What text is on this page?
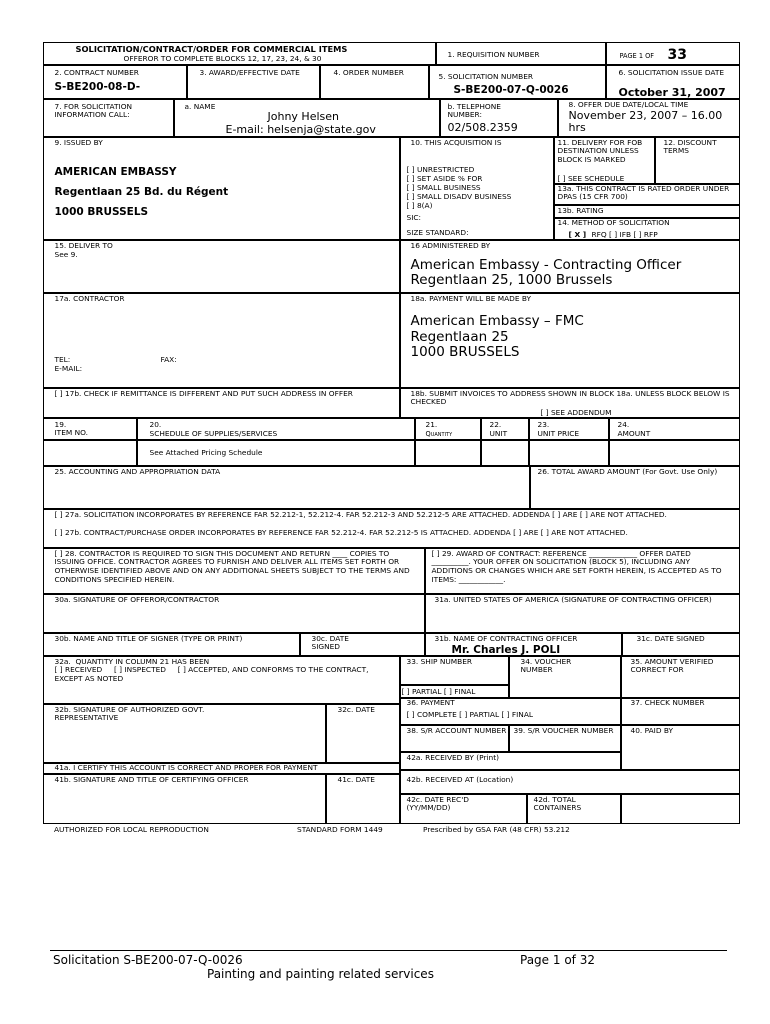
SOLICITATION/CONTRACT/ORDER FOR COMMERCIAL ITEMS
OFFEROR TO COMPLETE BLOCKS 12, 17, 23, 24, & 30	1. REQUISITION NUMBER	PAGE 1 OF 33
2. CONTRACT NUMBER
S-BE200-08-D-
3. AWARD/EFFECTIVE DATE	4. ORDER NUMBER	5. SOLICITATION NUMBER
S-BE200-07-Q-0026
6. SOLICITATION ISSUE DATE
October 31, 2007
7. FOR SOLICITATION INFORMATION CALL:
a. NAME
Johny Helsen
E-mail: helsenja@state.gov
b. TELEPHONE NUMBER:
02/508.2359
8. OFFER DUE DATE/LOCAL TIME
November 23, 2007 – 16.00 hrs
9. ISSUED BY
AMERICAN EMBASSY
Regentlaan 25 Bd. du Régent
1000 BRUSSELS
10. THIS ACQUISITION IS
[ ] UNRESTRICTED
[ ] SET ASIDE % FOR
[ ] SMALL BUSINESS
[ ] SMALL DISADV BUSINESS
[ ] 8(A)
SIC:
SIZE STANDARD:
11. DELIVERY FOR FOB DESTINATION UNLESS BLOCK IS MARKED
[ ] SEE SCHEDULE
12. DISCOUNT TERMS
13a. THIS CONTRACT IS RATED ORDER UNDER DPAS (15 CFR 700)
13b. RATING
14. METHOD OF SOLICITATION
[ X ] RFQ [ ] IFB [ ] RFP
15. DELIVER TO
See 9.
16 ADMINISTERED BY
American Embassy - Contracting Officer
Regentlaan 25, 1000 Brussels
17a. CONTRACTOR
TEL:	FAX:
E-MAIL:
18a. PAYMENT WILL BE MADE BY
American Embassy – FMC
Regentlaan 25
1000 BRUSSELS
[ ] 17b. CHECK IF REMITTANCE IS DIFFERENT AND PUT SUCH ADDRESS IN OFFER	18b. SUBMIT INVOICES TO ADDRESS SHOWN IN BLOCK 18a. UNLESS BLOCK BELOW IS CHECKED
[ ] SEE ADDENDUM
19.
ITEM NO.
20.
SCHEDULE OF SUPPLIES/SERVICES
21.
Quantity
22.
UNIT
23.
UNIT PRICE
24.
AMOUNT
See Attached Pricing Schedule
25. ACCOUNTING AND APPROPRIATION DATA	26. TOTAL AWARD AMOUNT (For Govt. Use Only)
[ ] 27a. SOLICITATION INCORPORATES BY REFERENCE FAR 52.212-1, 52.212-4. FAR 52.212-3 AND 52.212-5 ARE ATTACHED. ADDENDA [ ] ARE [ ] ARE NOT ATTACHED.
[ ] 27b. CONTRACT/PURCHASE ORDER INCORPORATES BY REFERENCE FAR 52.212-4. FAR 52.212-5 IS ATTACHED. ADDENDA [ ] ARE [ ] ARE NOT ATTACHED.
[ ] 28. CONTRACTOR IS REQUIRED TO SIGN THIS DOCUMENT AND RETURN ____ COPIES TO ISSUING OFFICE. CONTRACTOR AGREES TO FURNISH AND DELIVER ALL ITEMS SET FORTH OR OTHERWISE IDENTIFIED ABOVE AND ON ANY ADDITIONAL SHEETS SUBJECT TO THE TERMS AND CONDITIONS SPECIFIED HEREIN.
[ ] 29. AWARD OF CONTRACT: REFERENCE _____________ OFFER DATED __________. YOUR OFFER ON SOLICITATION (BLOCK 5), INCLUDING ANY ADDITIONS OR CHANGES WHICH ARE SET FORTH HEREIN, IS ACCEPTED AS TO ITEMS: ____________.
30a. SIGNATURE OF OFFEROR/CONTRACTOR	31a. UNITED STATES OF AMERICA (SIGNATURE OF CONTRACTING OFFICER)
30b. NAME AND TITLE OF SIGNER (TYPE OR PRINT)	30c. DATE SIGNED
31b. NAME OF CONTRACTING OFFICER
Mr. Charles J. POLI
31c. DATE SIGNED
32a.  QUANTITY IN COLUMN 21 HAS BEEN
[ ] RECEIVED     [ ] INSPECTED     [ ] ACCEPTED, AND CONFORMS TO THE CONTRACT, EXCEPT AS NOTED
32b. SIGNATURE OF AUTHORIZED GOVT. REPRESENTATIVE
32c. DATE
41a. I CERTIFY THIS ACCOUNT IS CORRECT AND PROPER FOR PAYMENT
41b. SIGNATURE AND TITLE OF CERTIFYING OFFICER	41c. DATE
33. SHIP NUMBER	34. VOUCHER NUMBER
35. AMOUNT VERIFIED CORRECT FOR
[ ] PARTIAL [ ] FINAL
36. PAYMENT
[ ] COMPLETE [ ] PARTIAL [ ] FINAL
37. CHECK NUMBER
38. S/R ACCOUNT NUMBER 39. S/R VOUCHER NUMBER 40. PAID BY
42a. RECEIVED BY (Print)
42b. RECEIVED AT (Location)
42c. DATE REC'D (YY/MM/DD)
42d. TOTAL CONTAINERS
AUTHORIZED FOR LOCAL REPRODUCTION	STANDARD FORM 1449	Prescribed by GSA FAR (48 CFR) 53.212
Solicitation S-BE200-07-Q-0026	Page 1 of 32
Painting and painting related services
